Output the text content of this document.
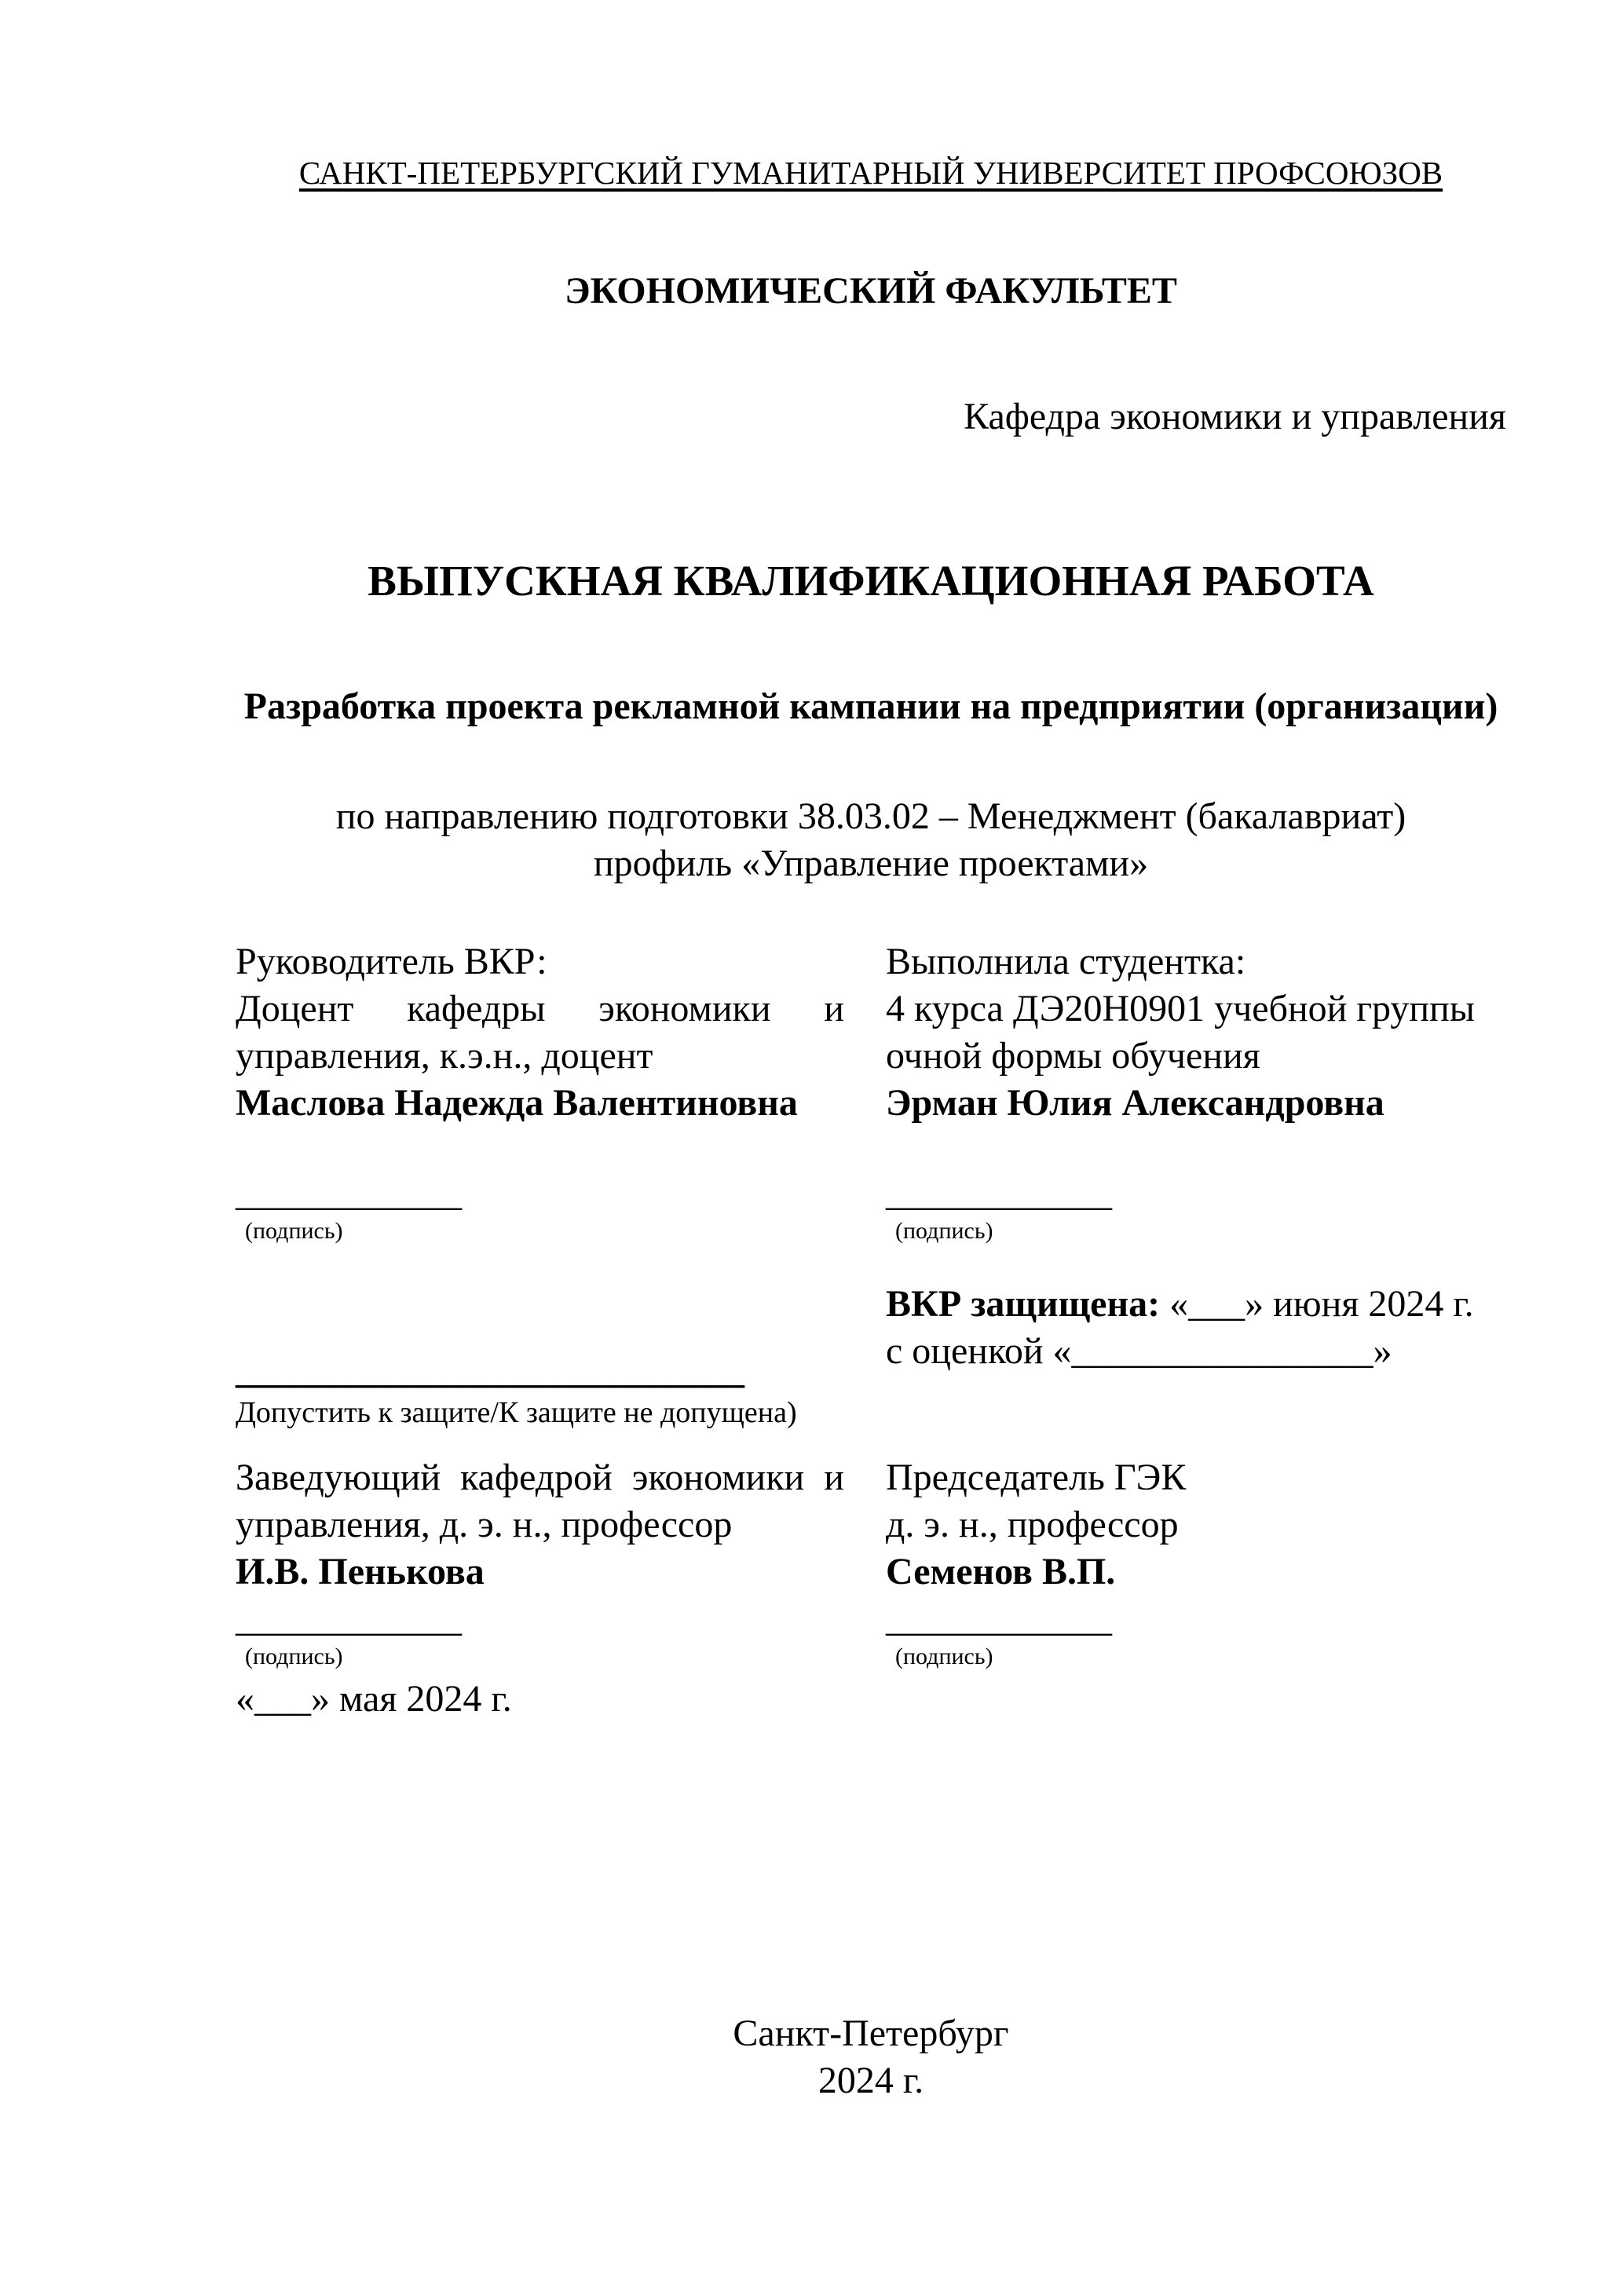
САНКТ-ПЕТЕРБУРГСКИЙ ГУМАНИТАРНЫЙ УНИВЕРСИТЕТ ПРОФСОЮЗОВ
ЭКОНОМИЧЕСКИЙ ФАКУЛЬТЕТ
Кафедра экономики и управления
ВЫПУСКНАЯ КВАЛИФИКАЦИОННАЯ РАБОТА
Разработка проекта рекламной кампании на предприятии (организации)
по направлению подготовки 38.03.02 – Менеджмент (бакалавриат)
профиль «Управление проектами»
Руководитель ВКР:
Доцент кафедры экономики и управления, к.э.н., доцент
Маслова Надежда Валентиновна
____________
(подпись)
Выполнила студентка:
4 курса ДЭ20Н0901 учебной группы очной формы обучения
Эрман Юлия Александровна
____________
(подпись)
___________________________
Допустить к защите/К защите не допущена)
ВКР защищена: «___» июня 2024 г.
с оценкой «________________»
Заведующий кафедрой экономики и управления, д. э. н., профессор
И.В. Пенькова
____________
(подпись)
«___» мая 2024 г.
Председатель ГЭК
д. э. н., профессор
Семенов В.П.
____________
(подпись)
Санкт-Петербург
2024 г.
